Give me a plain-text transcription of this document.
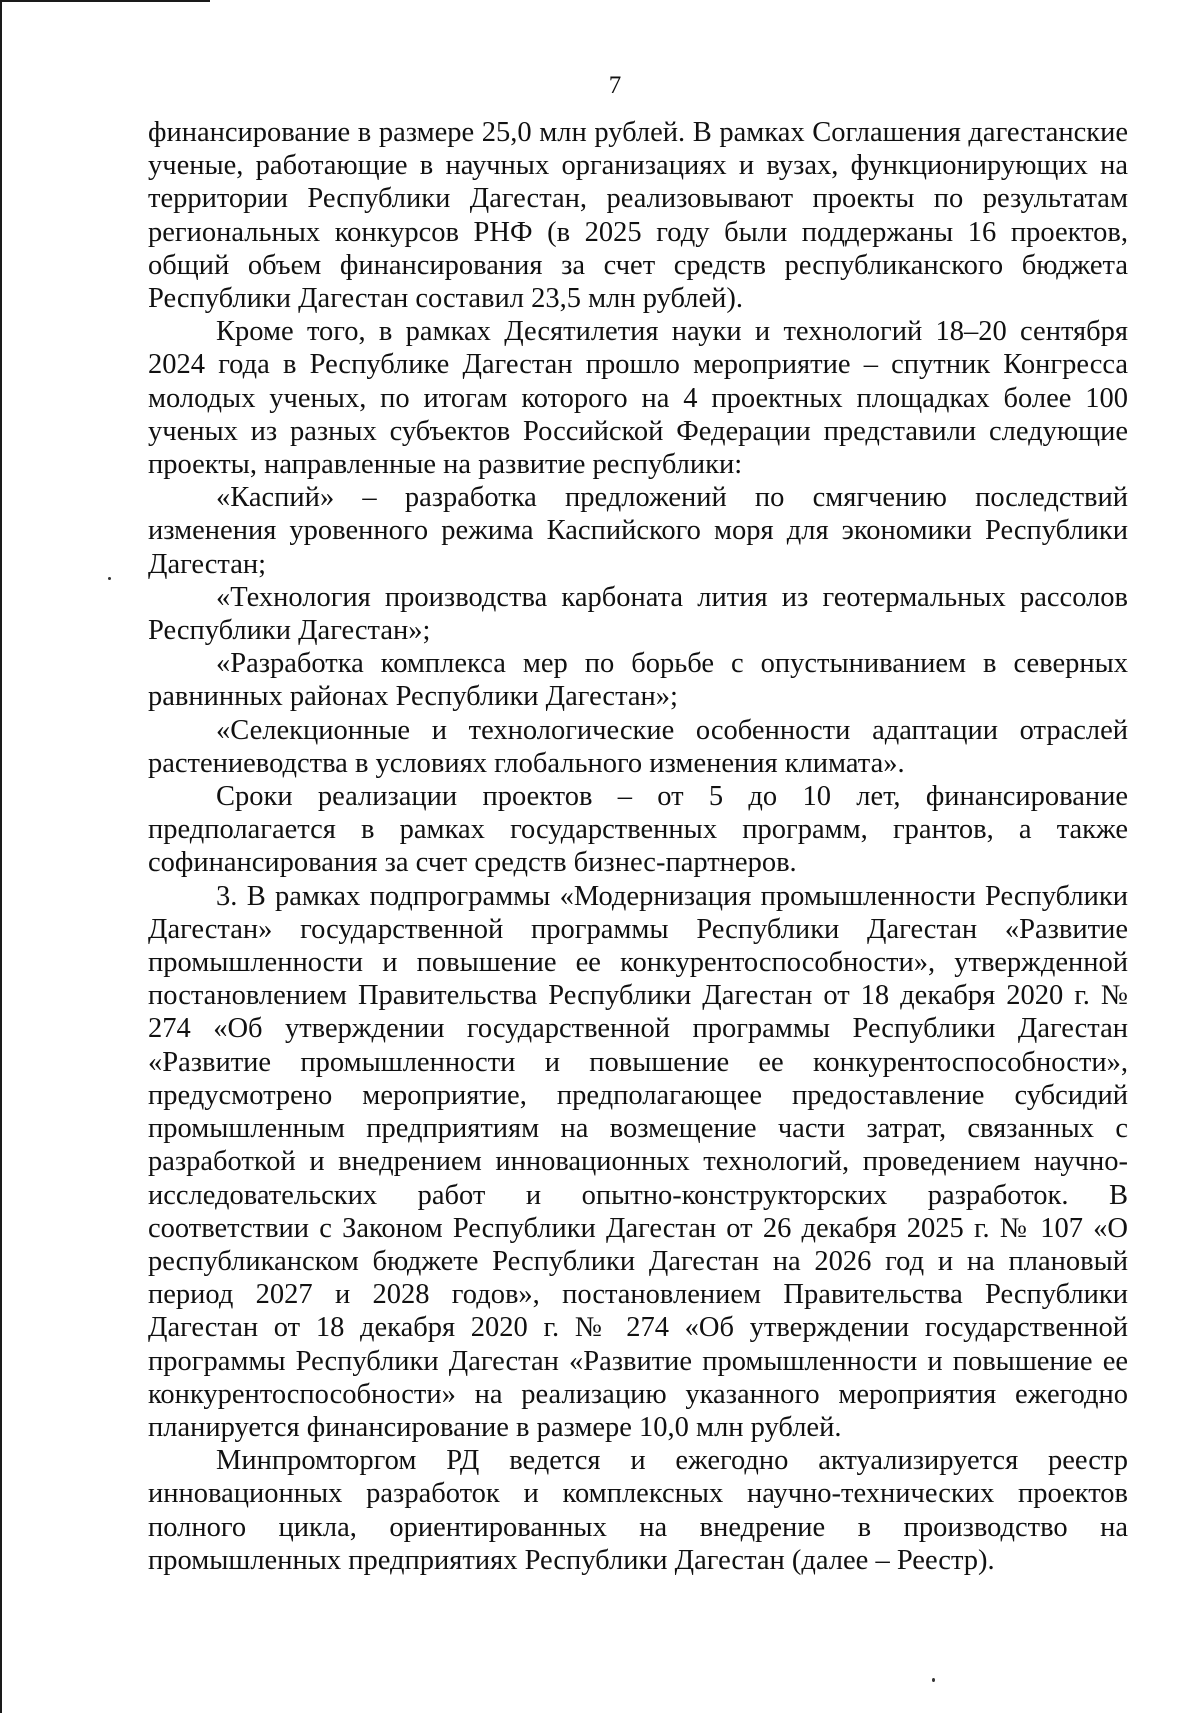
7

финансирование в размере 25,0 млн рублей. В рамках Соглашения дагестанские ученые, работающие в научных организациях и вузах, функционирующих на территории Республики Дагестан, реализовывают проекты по результатам региональных конкурсов РНФ (в 2025 году были поддержаны 16 проектов, общий объем финансирования за счет средств республиканского бюджета Республики Дагестан составил 23,5 млн рублей).

Кроме того, в рамках Десятилетия науки и технологий 18–20 сентября 2024 года в Республике Дагестан прошло мероприятие – спутник Конгресса молодых ученых, по итогам которого на 4 проектных площадках более 100 ученых из разных субъектов Российской Федерации представили следующие проекты, направленные на развитие республики:

«Каспий» – разработка предложений по смягчению последствий изменения уровенного режима Каспийского моря для экономики Республики Дагестан;

«Технология производства карбоната лития из геотермальных рассолов Республики Дагестан»;

«Разработка комплекса мер по борьбе с опустыниванием в северных равнинных районах Республики Дагестан»;

«Селекционные и технологические особенности адаптации отраслей растениеводства в условиях глобального изменения климата».

Сроки реализации проектов – от 5 до 10 лет, финансирование предполагается в рамках государственных программ, грантов, а также софинансирования за счет средств бизнес-партнеров.

3. В рамках подпрограммы «Модернизация промышленности Республики Дагестан» государственной программы Республики Дагестан «Развитие промышленности и повышение ее конкурентоспособности», утвержденной постановлением Правительства Республики Дагестан от 18 декабря 2020 г. № 274 «Об утверждении государственной программы Республики Дагестан «Развитие промышленности и повышение ее конкурентоспособности», предусмотрено мероприятие, предполагающее предоставление субсидий промышленным предприятиям на возмещение части затрат, связанных с разработкой и внедрением инновационных технологий, проведением научно-исследовательских работ и опытно-конструкторских разработок. В соответствии с Законом Республики Дагестан от 26 декабря 2025 г. № 107 «О республиканском бюджете Республики Дагестан на 2026 год и на плановый период 2027 и 2028 годов», постановлением Правительства Республики Дагестан от 18 декабря 2020 г. № 274 «Об утверждении государственной программы Республики Дагестан «Развитие промышленности и повышение ее конкурентоспособности» на реализацию указанного мероприятия ежегодно планируется финансирование в размере 10,0 млн рублей.

Минпромторгом РД ведется и ежегодно актуализируется реестр инновационных разработок и комплексных научно-технических проектов полного цикла, ориентированных на внедрение в производство на промышленных предприятиях Республики Дагестан (далее – Реестр).
